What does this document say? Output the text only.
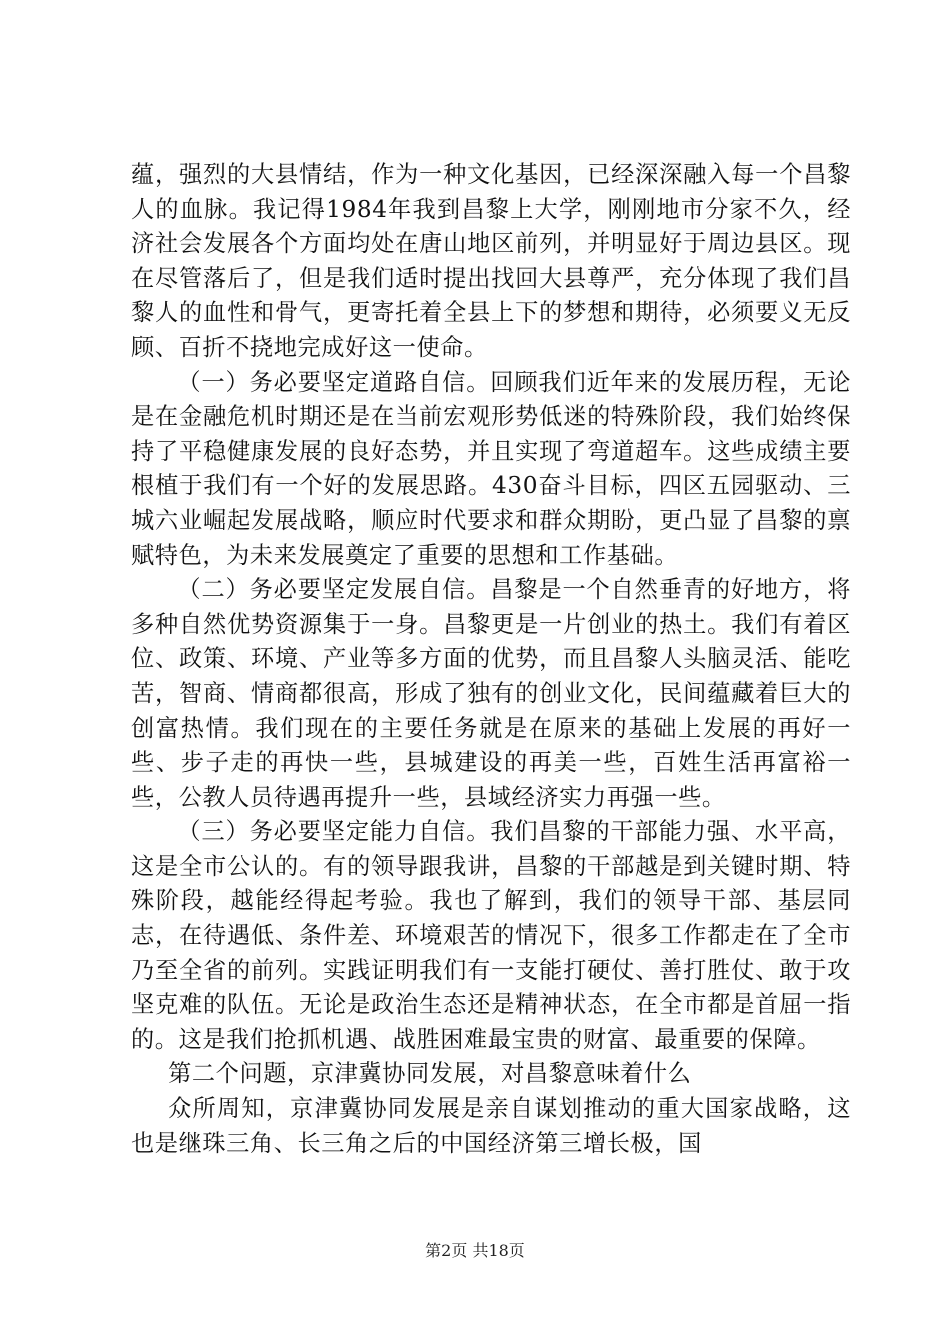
蕴，强烈的大县情结，作为一种文化基因，已经深深融入每一个昌黎人的血脉。我记得1984年我到昌黎上大学，刚刚地市分家不久，经济社会发展各个方面均处在唐山地区前列，并明显好于周边县区。现在尽管落后了，但是我们适时提出找回大县尊严，充分体现了我们昌黎人的血性和骨气，更寄托着全县上下的梦想和期待，必须要义无反顾、百折不挠地完成好这一使命。

（一）务必要坚定道路自信。回顾我们近年来的发展历程，无论是在金融危机时期还是在当前宏观形势低迷的特殊阶段，我们始终保持了平稳健康发展的良好态势，并且实现了弯道超车。这些成绩主要根植于我们有一个好的发展思路。430奋斗目标，四区五园驱动、三城六业崛起发展战略，顺应时代要求和群众期盼，更凸显了昌黎的禀赋特色，为未来发展奠定了重要的思想和工作基础。

（二）务必要坚定发展自信。昌黎是一个自然垂青的好地方，将多种自然优势资源集于一身。昌黎更是一片创业的热土。我们有着区位、政策、环境、产业等多方面的优势，而且昌黎人头脑灵活、能吃苦，智商、情商都很高，形成了独有的创业文化，民间蕴藏着巨大的创富热情。我们现在的主要任务就是在原来的基础上发展的再好一些、步子走的再快一些，县城建设的再美一些，百姓生活再富裕一些，公教人员待遇再提升一些，县域经济实力再强一些。

（三）务必要坚定能力自信。我们昌黎的干部能力强、水平高，这是全市公认的。有的领导跟我讲，昌黎的干部越是到关键时期、特殊阶段，越能经得起考验。我也了解到，我们的领导干部、基层同志，在待遇低、条件差、环境艰苦的情况下，很多工作都走在了全市乃至全省的前列。实践证明我们有一支能打硬仗、善打胜仗、敢于攻坚克难的队伍。无论是政治生态还是精神状态，在全市都是首屈一指的。这是我们抢抓机遇、战胜困难最宝贵的财富、最重要的保障。

第二个问题，京津冀协同发展，对昌黎意味着什么

众所周知，京津冀协同发展是亲自谋划推动的重大国家战略，这也是继珠三角、长三角之后的中国经济第三增长极，国

第2页 共18页
